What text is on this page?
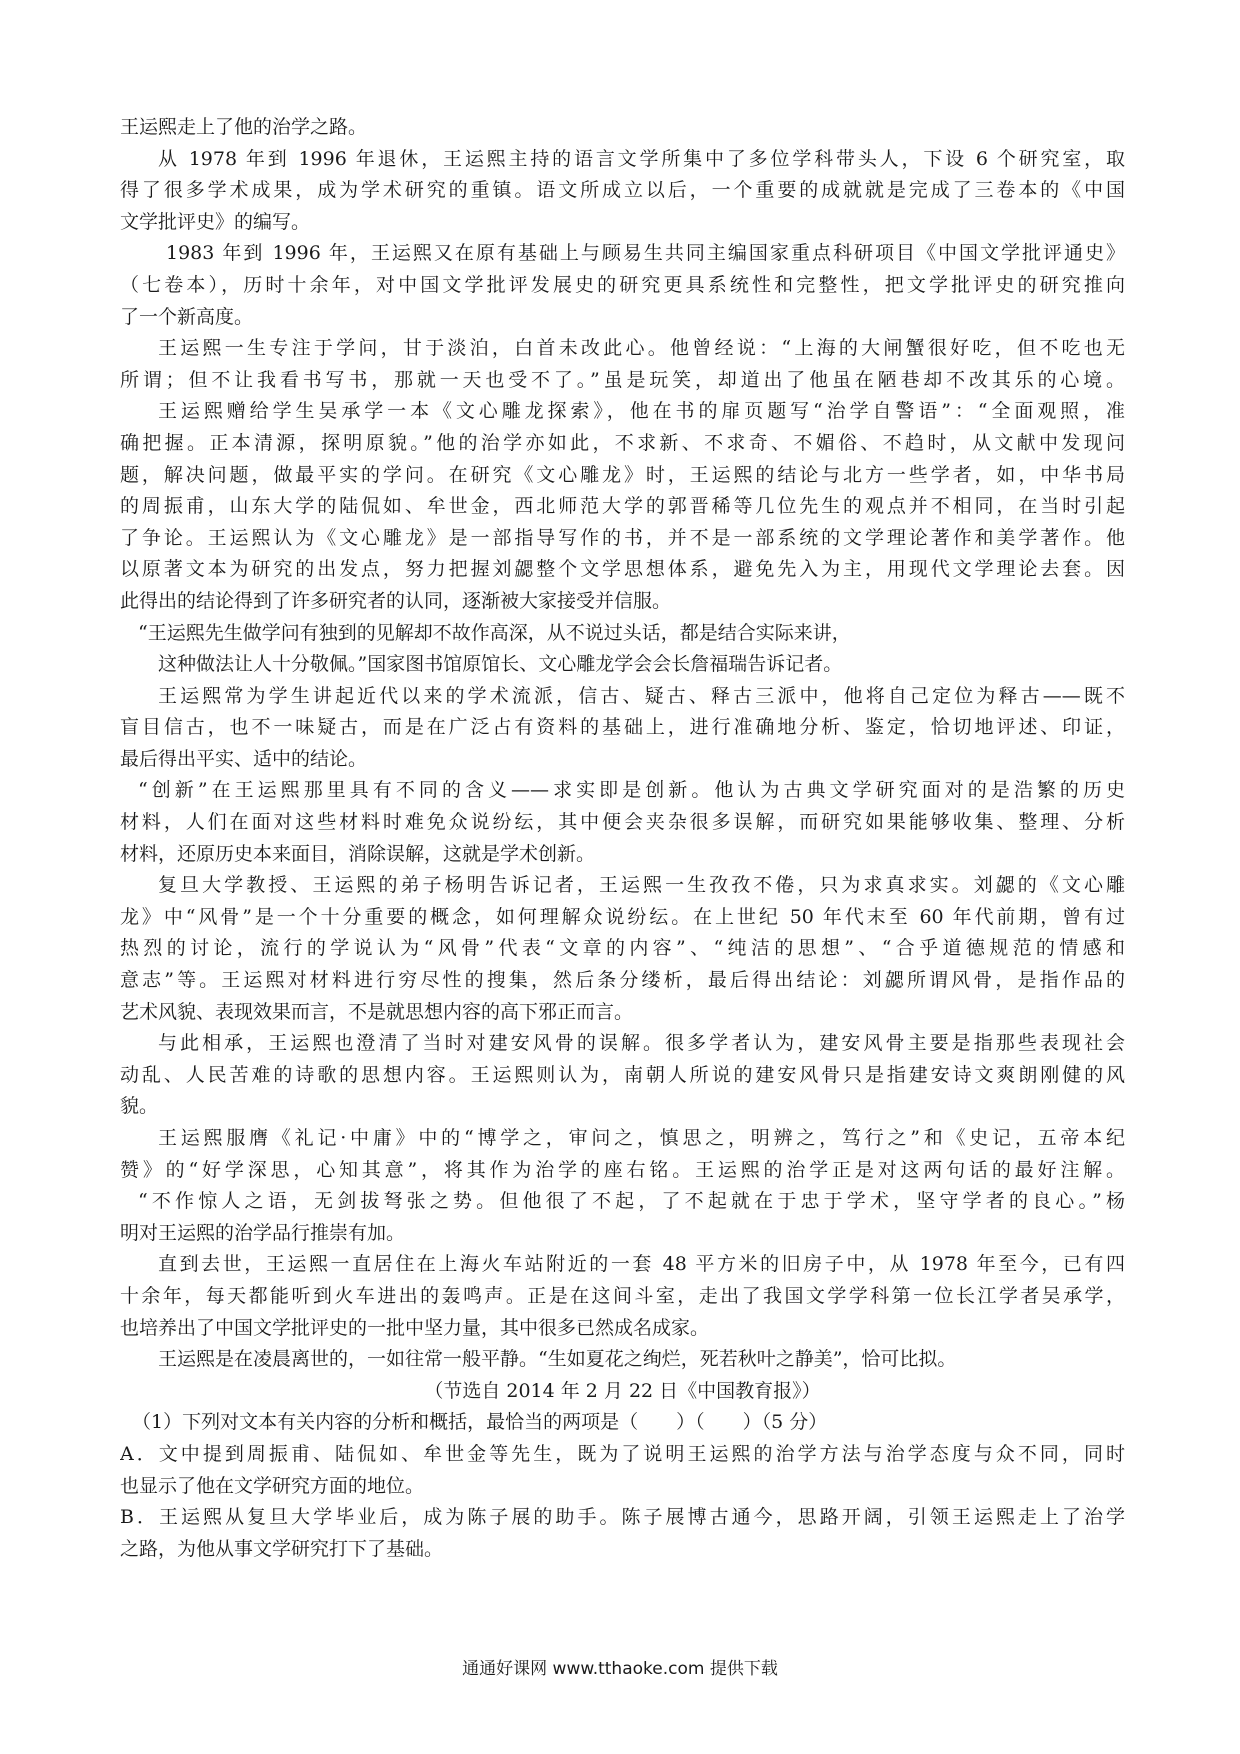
王运熙走上了他的治学之路。

从 1978 年到 1996 年退休，王运熙主持的语言文学所集中了多位学科带头人，下设 6 个研究室，取

得了很多学术成果，成为学术研究的重镇。语文所成立以后，一个重要的成就就是完成了三卷本的《中国

文学批评史》的编写。

1983 年到 1996 年，王运熙又在原有基础上与顾易生共同主编国家重点科研项目《中国文学批评通史》

（七卷本），历时十余年，对中国文学批评发展史的研究更具系统性和完整性，把文学批评史的研究推向

了一个新高度。

王运熙一生专注于学问，甘于淡泊，白首未改此心。他曾经说：“上海的大闸蟹很好吃，但不吃也无

所谓；但不让我看书写书，那就一天也受不了。”虽是玩笑，却道出了他虽在陋巷却不改其乐的心境。

王运熙赠给学生吴承学一本《文心雕龙探索》，他在书的扉页题写“治学自警语”：“全面观照，准

确把握。正本清源，探明原貌。”他的治学亦如此，不求新、不求奇、不媚俗、不趋时，从文献中发现问

题，解决问题，做最平实的学问。在研究《文心雕龙》时，王运熙的结论与北方一些学者，如，中华书局

的周振甫，山东大学的陆侃如、牟世金，西北师范大学的郭晋稀等几位先生的观点并不相同，在当时引起

了争论。王运熙认为《文心雕龙》是一部指导写作的书，并不是一部系统的文学理论著作和美学著作。他

以原著文本为研究的出发点，努力把握刘勰整个文学思想体系，避免先入为主，用现代文学理论去套。因

此得出的结论得到了许多研究者的认同，逐渐被大家接受并信服。

“王运熙先生做学问有独到的见解却不故作高深，从不说过头话，都是结合实际来讲，

这种做法让人十分敬佩。”国家图书馆原馆长、文心雕龙学会会长詹福瑞告诉记者。

王运熙常为学生讲起近代以来的学术流派，信古、疑古、释古三派中，他将自己定位为释古——既不

盲目信古，也不一味疑古，而是在广泛占有资料的基础上，进行准确地分析、鉴定，恰切地评述、印证，

最后得出平实、适中的结论。

“创新”在王运熙那里具有不同的含义——求实即是创新。他认为古典文学研究面对的是浩繁的历史

材料，人们在面对这些材料时难免众说纷纭，其中便会夹杂很多误解，而研究如果能够收集、整理、分析

材料，还原历史本来面目，消除误解，这就是学术创新。

复旦大学教授、王运熙的弟子杨明告诉记者，王运熙一生孜孜不倦，只为求真求实。刘勰的《文心雕

龙》中“风骨”是一个十分重要的概念，如何理解众说纷纭。在上世纪 50 年代末至 60 年代前期，曾有过

热烈的讨论，流行的学说认为“风骨”代表“文章的内容”、“纯洁的思想”、“合乎道德规范的情感和

意志”等。王运熙对材料进行穷尽性的搜集，然后条分缕析，最后得出结论：刘勰所谓风骨，是指作品的

艺术风貌、表现效果而言，不是就思想内容的高下邪正而言。

与此相承，王运熙也澄清了当时对建安风骨的误解。很多学者认为，建安风骨主要是指那些表现社会

动乱、人民苦难的诗歌的思想内容。王运熙则认为，南朝人所说的建安风骨只是指建安诗文爽朗刚健的风

貌。

王运熙服膺《礼记·中庸》中的“博学之，审问之，慎思之，明辨之，笃行之”和《史记，五帝本纪

赞》的“好学深思，心知其意”，将其作为治学的座右铭。王运熙的治学正是对这两句话的最好注解。

“不作惊人之语，无剑拔弩张之势。但他很了不起，了不起就在于忠于学术，坚守学者的良心。”杨

明对王运熙的治学品行推崇有加。

直到去世，王运熙一直居住在上海火车站附近的一套 48 平方米的旧房子中，从 1978 年至今，已有四

十余年，每天都能听到火车进出的轰鸣声。正是在这间斗室，走出了我国文学学科第一位长江学者吴承学，

也培养出了中国文学批评史的一批中坚力量，其中很多已然成名成家。

王运熙是在凌晨离世的，一如往常一般平静。“生如夏花之绚烂，死若秋叶之静美”，恰可比拟。

（节选自 2014 年 2 月 22 日《中国教育报》）

（1）下列对文本有关内容的分析和概括，最恰当的两项是（　　）（　　）（5 分）

A．文中提到周振甫、陆侃如、牟世金等先生，既为了说明王运熙的治学方法与治学态度与众不同，同时

也显示了他在文学研究方面的地位。

B．王运熙从复旦大学毕业后，成为陈子展的助手。陈子展博古通今，思路开阔，引领王运熙走上了治学

之路，为他从事文学研究打下了基础。

通通好课网 www.tthaoke.com 提供下载
